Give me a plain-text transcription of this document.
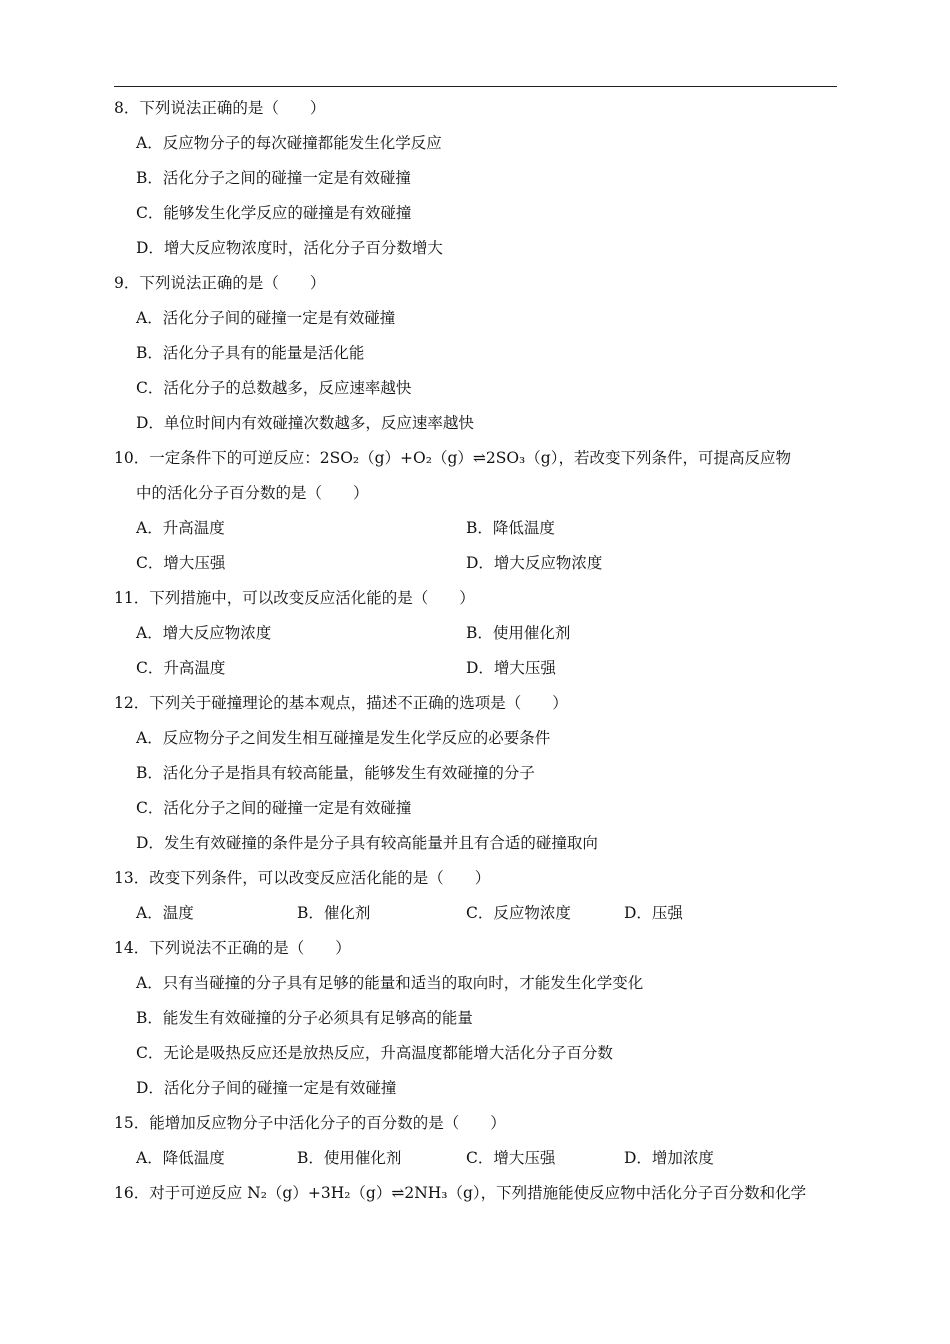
8．下列说法正确的是（　　）
A．反应物分子的每次碰撞都能发生化学反应
B．活化分子之间的碰撞一定是有效碰撞
C．能够发生化学反应的碰撞是有效碰撞
D．增大反应物浓度时，活化分子百分数增大
9．下列说法正确的是（　　）
A．活化分子间的碰撞一定是有效碰撞
B．活化分子具有的能量是活化能
C．活化分子的总数越多，反应速率越快
D．单位时间内有效碰撞次数越多，反应速率越快
10．一定条件下的可逆反应：2SO₂（g）+O₂（g）⇌2SO₃（g），若改变下列条件，可提高反应物
中的活化分子百分数的是（　　）
A．升高温度	B．降低温度
C．增大压强	D．增大反应物浓度
11．下列措施中，可以改变反应活化能的是（　　）
A．增大反应物浓度	B．使用催化剂
C．升高温度	D．增大压强
12．下列关于碰撞理论的基本观点，描述不正确的选项是（　　）
A．反应物分子之间发生相互碰撞是发生化学反应的必要条件
B．活化分子是指具有较高能量，能够发生有效碰撞的分子
C．活化分子之间的碰撞一定是有效碰撞
D．发生有效碰撞的条件是分子具有较高能量并且有合适的碰撞取向
13．改变下列条件，可以改变反应活化能的是（　　）
A．温度	B．催化剂	C．反应物浓度	D．压强
14．下列说法不正确的是（　　）
A．只有当碰撞的分子具有足够的能量和适当的取向时，才能发生化学变化
B．能发生有效碰撞的分子必须具有足够高的能量
C．无论是吸热反应还是放热反应，升高温度都能增大活化分子百分数
D．活化分子间的碰撞一定是有效碰撞
15．能增加反应物分子中活化分子的百分数的是（　　）
A．降低温度	B．使用催化剂	C．增大压强	D．增加浓度
16．对于可逆反应 N₂（g）+3H₂（g）⇌2NH₃（g），下列措施能使反应物中活化分子百分数和化学
